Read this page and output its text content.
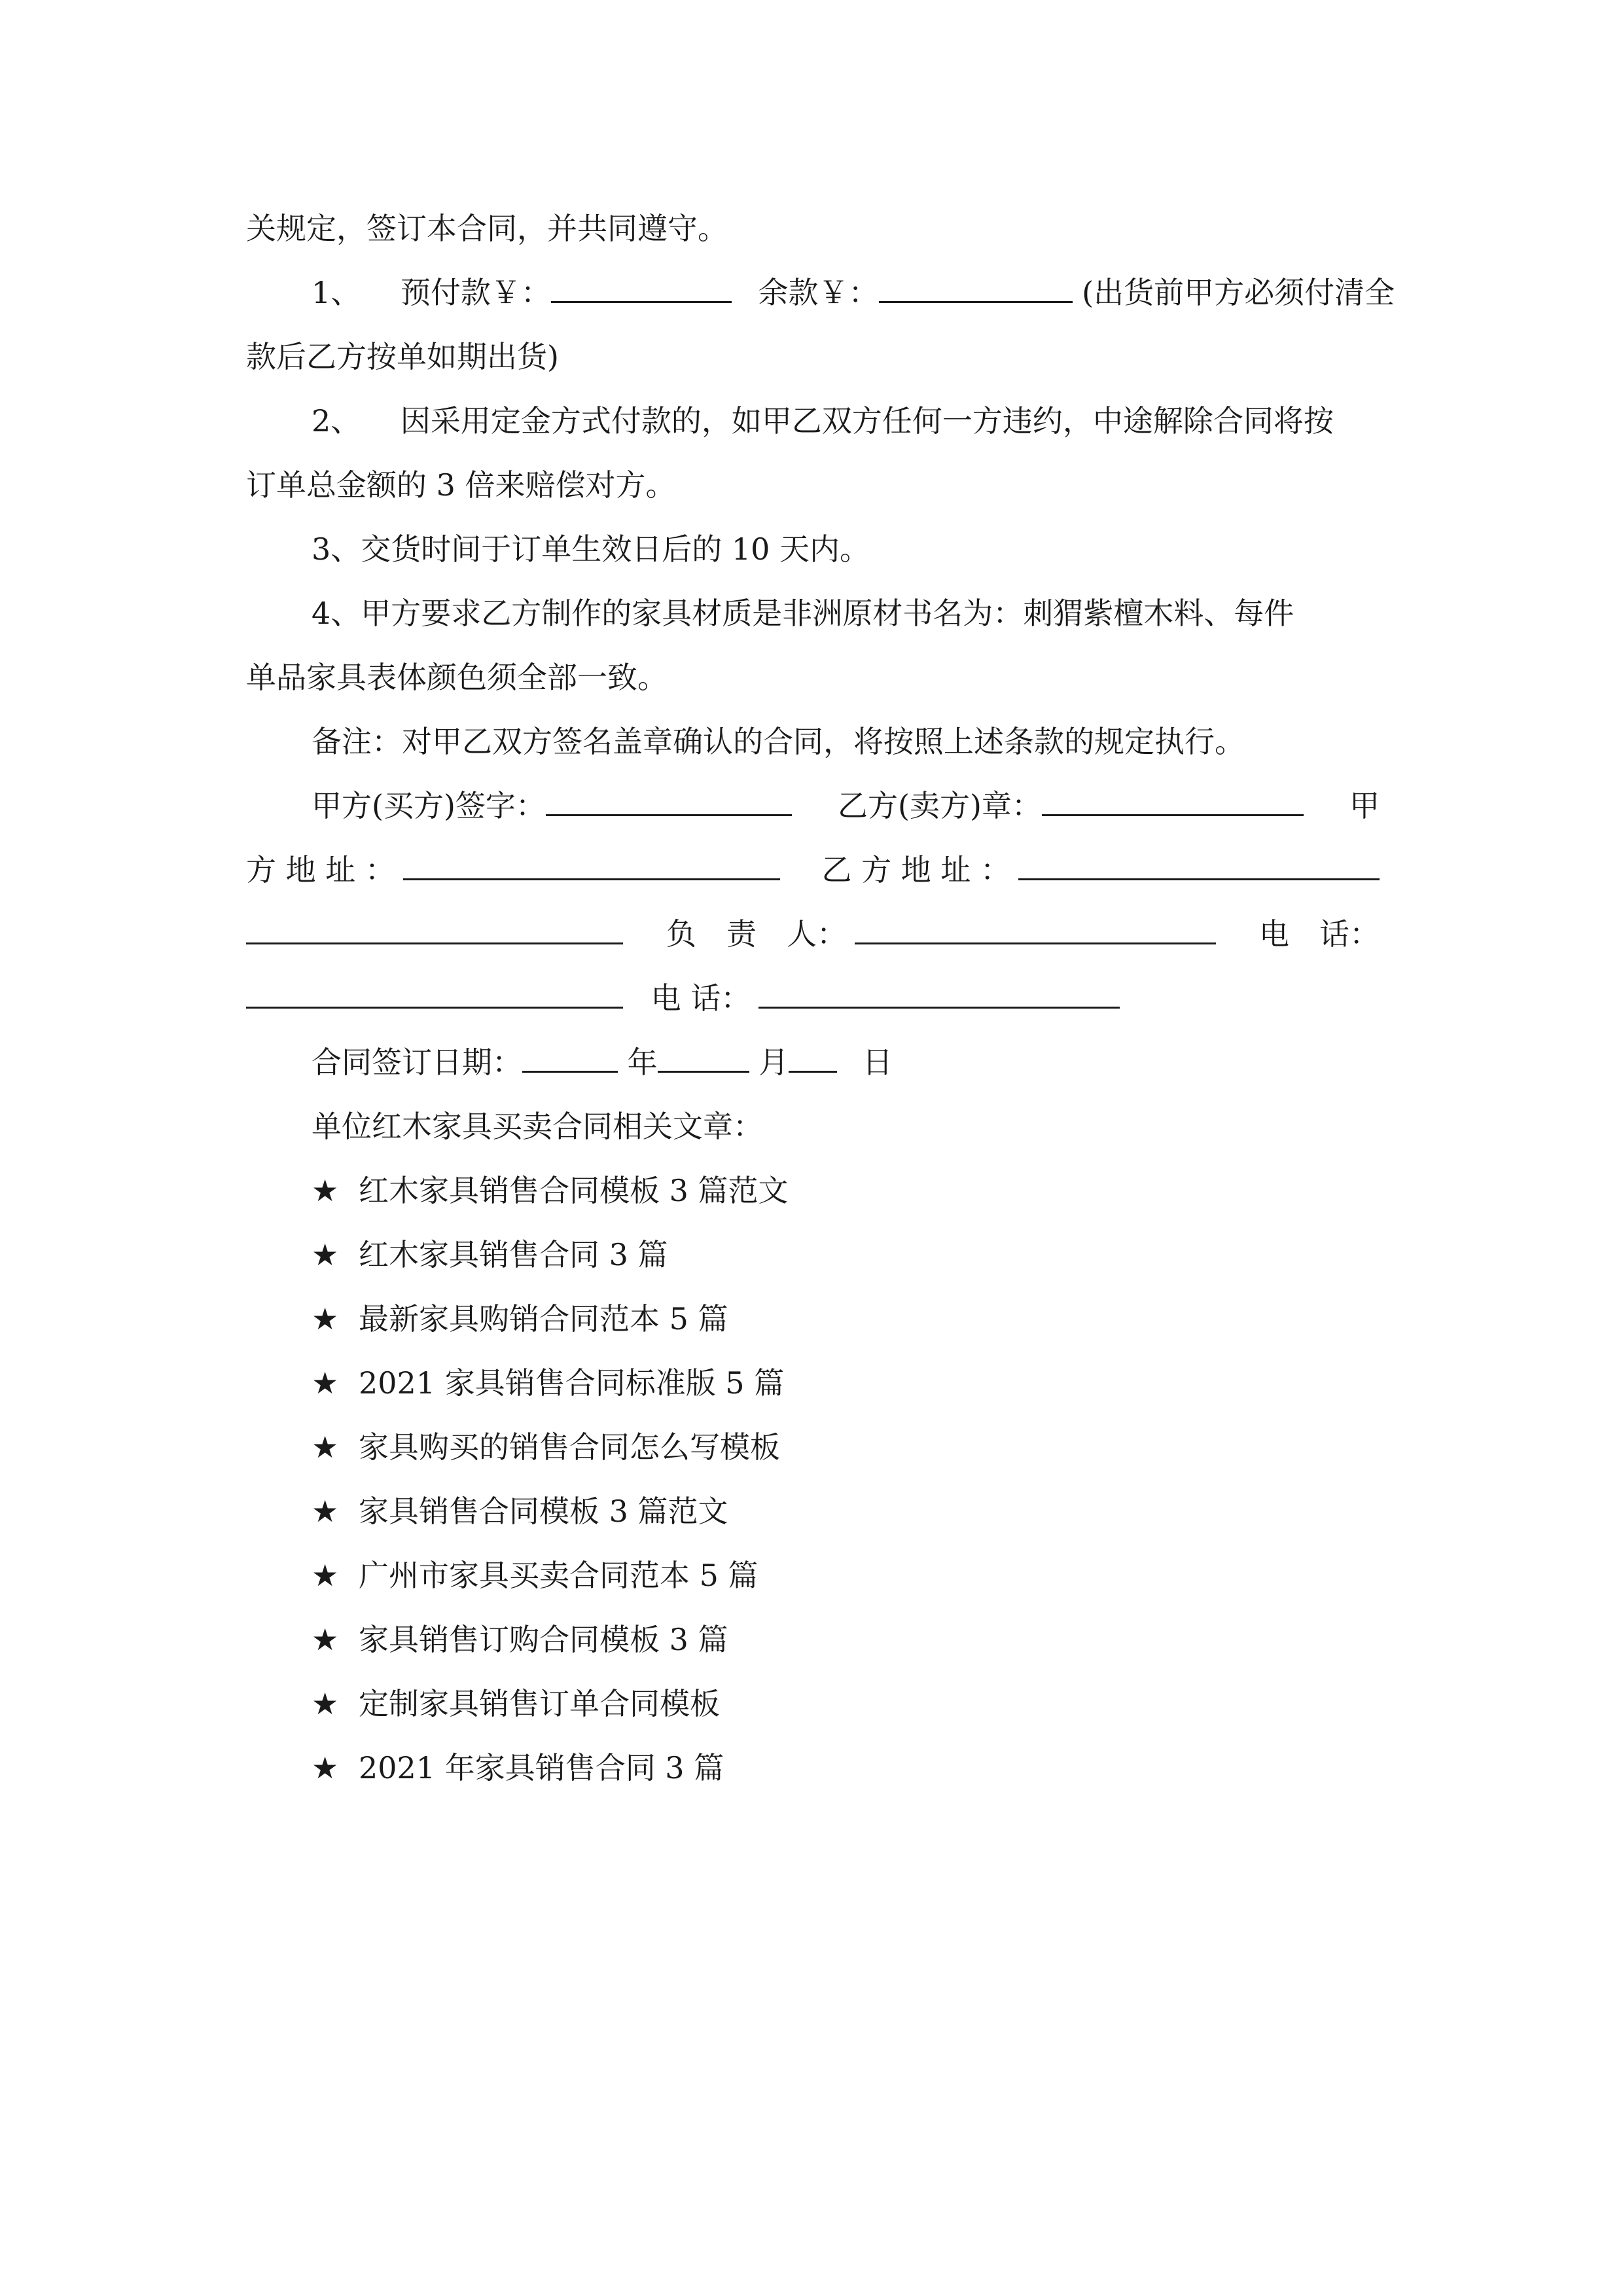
关规定，签订本合同，并共同遵守。
1、 预付款￥：	余款￥：	(出货前甲方必须付清全
款后乙方按单如期出货)
2、 因采用定金方式付款的，如甲乙双方任何一方违约，中途解除合同将按
订单总金额的 3 倍来赔偿对方。
3、交货时间于订单生效日后的 10 天内。
4、甲方要求乙方制作的家具材质是非洲原材书名为：刺猬紫檀木料、每件
单品家具表体颜色须全部一致。
备注：对甲乙双方签名盖章确认的合同，将按照上述条款的规定执行。
甲方(买方)签字：	乙方(卖方)章：	甲
方 地 址 ：	乙 方 地 址 ：
负　责　人：	电　话：
电 话：
合同签订日期：	年	月 日
单位红木家具买卖合同相关文章：
★ 红木家具销售合同模板 3 篇范文
★ 红木家具销售合同 3 篇
★ 最新家具购销合同范本 5 篇
★ 2021 家具销售合同标准版 5 篇
★ 家具购买的销售合同怎么写模板
★ 家具销售合同模板 3 篇范文
★ 广州市家具买卖合同范本 5 篇
★ 家具销售订购合同模板 3 篇
★ 定制家具销售订单合同模板
★ 2021 年家具销售合同 3 篇
